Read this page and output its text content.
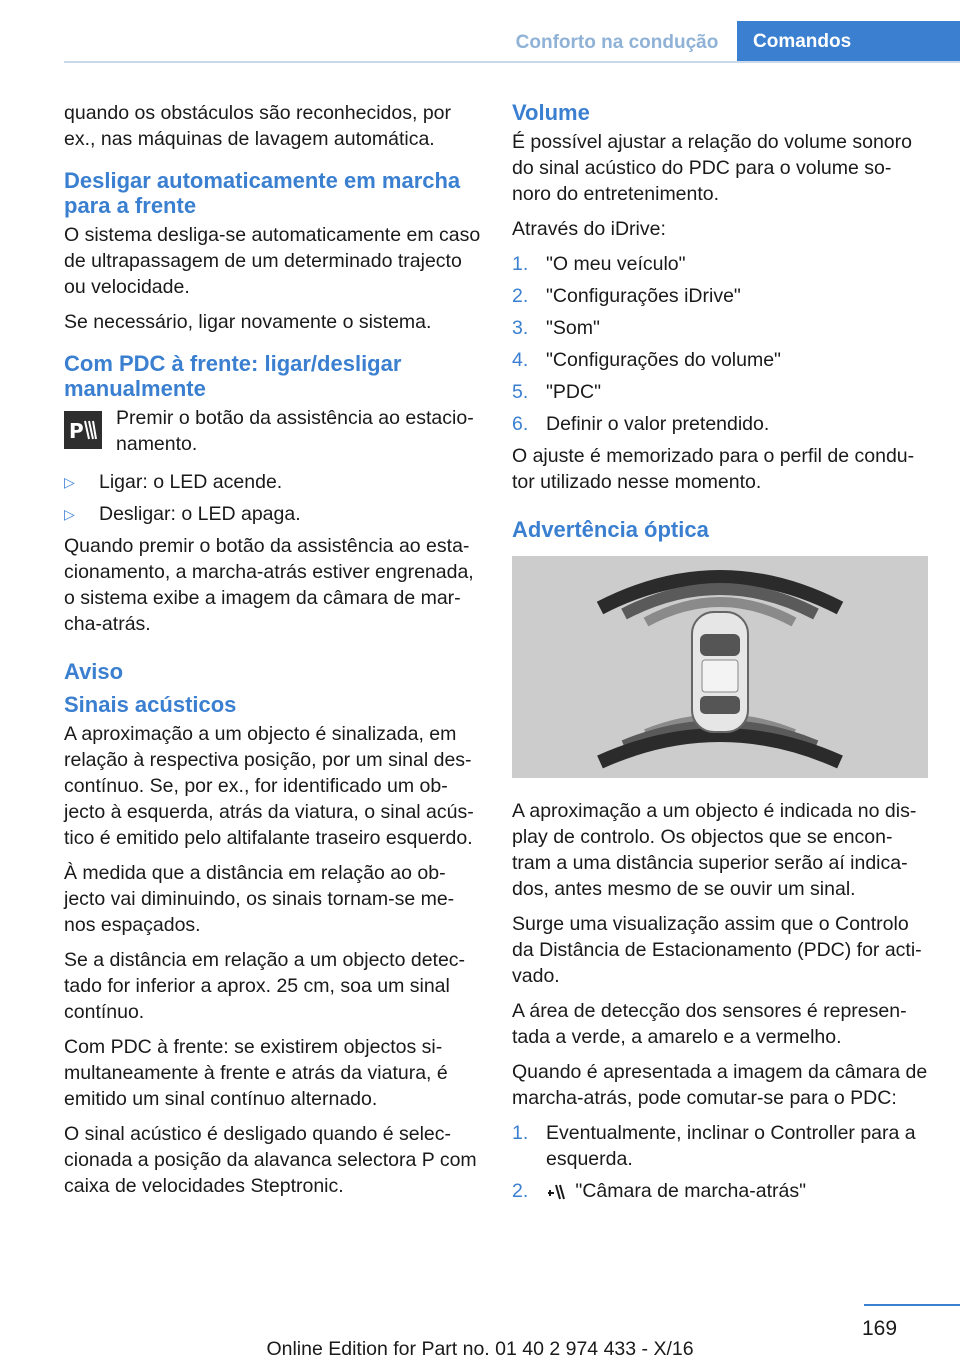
Conforto na condução	Comandos

quando os obstáculos são reconhecidos, por ex., nas máquinas de lavagem automática.

Desligar automaticamente em marcha para a frente

O sistema desliga-se automaticamente em caso de ultrapassagem de um determinado trajecto ou velocidade.

Se necessário, ligar novamente o sistema.

Com PDC à frente: ligar/desligar manualmente
P
Premir o botão da assistência ao estacio-namento.
▷	Ligar: o LED acende.
▷	Desligar: o LED apaga.

Quando premir o botão da assistência ao esta-cionamento, a marcha-atrás estiver engrenada, o sistema exibe a imagem da câmara de mar-cha-atrás.

Aviso
Sinais acústicos

A aproximação a um objecto é sinalizada, em relação à respectiva posição, por um sinal des-contínuo. Se, por ex., for identificado um ob-jecto à esquerda, atrás da viatura, o sinal acús-tico é emitido pelo altifalante traseiro esquerdo.

À medida que a distância em relação ao ob-jecto vai diminuindo, os sinais tornam-se me-nos espaçados.

Se a distância em relação a um objecto detec-tado for inferior a aprox. 25 cm, soa um sinal contínuo.

Com PDC à frente: se existirem objectos si-multaneamente à frente e atrás da viatura, é emitido um sinal contínuo alternado.

O sinal acústico é desligado quando é selec-cionada a posição da alavanca selectora P com caixa de velocidades Steptronic.

Volume

É possível ajustar a relação do volume sonoro do sinal acústico do PDC para o volume so-noro do entretenimento.

Através do iDrive:

1. "O meu veículo"
2. "Configurações iDrive"
3. "Som"
4. "Configurações do volume"
5. "PDC"
6. Definir o valor pretendido.

O ajuste é memorizado para o perfil de condu-tor utilizado nesse momento.

Advertência óptica

A aproximação a um objecto é indicada no dis-play de controlo. Os objectos que se encon-tram a uma distância superior serão aí indica-dos, antes mesmo de se ouvir um sinal.

Surge uma visualização assim que o Controlo da Distância de Estacionamento (PDC) for acti-vado.

A área de detecção dos sensores é represen-tada a verde, a amarelo e a vermelho.

Quando é apresentada a imagem da câmara de marcha-atrás, pode comutar-se para o PDC:

1. Eventualmente, inclinar o Controller para a esquerda.
2.
	"Câmara de marcha-atrás"
169
Online Edition for Part no. 01 40 2 974 433 - X/16
